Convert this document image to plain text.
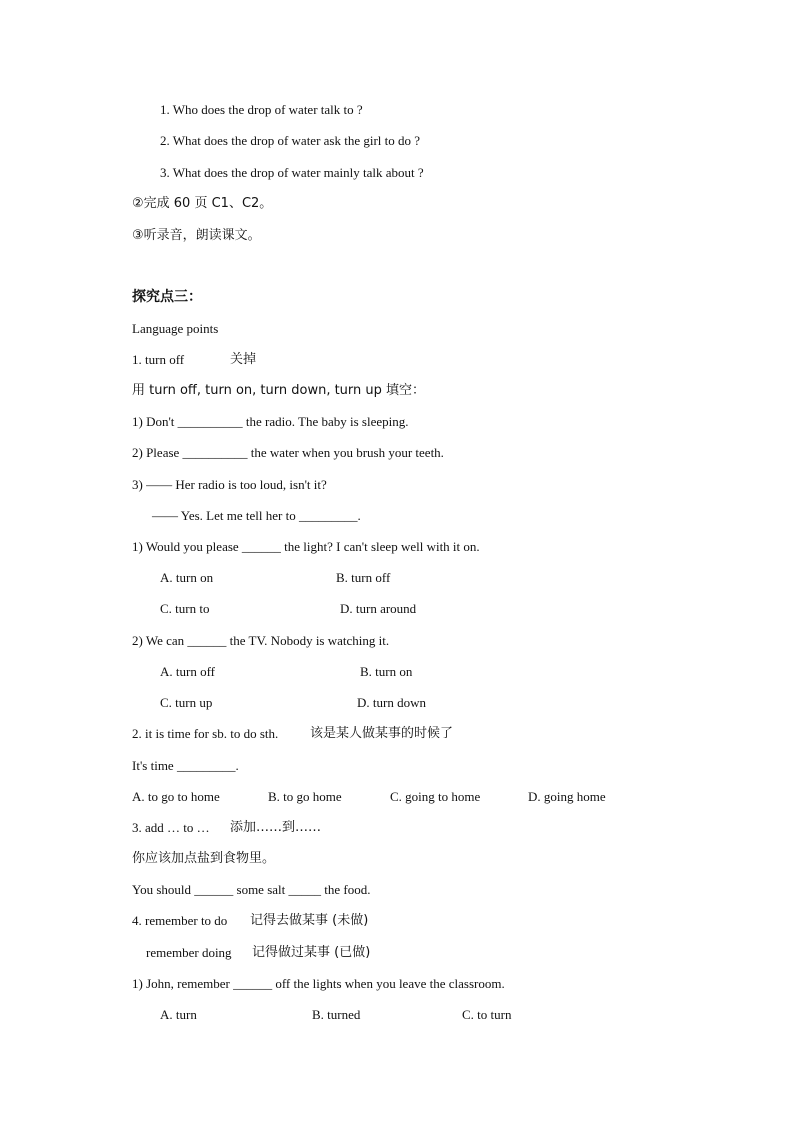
1. Who does the drop of water talk to ?
2. What does the drop of water ask the girl to do ?
3. What does the drop of water mainly talk about ?
②完成 60 页 C1、C2。
③听录音，朗读课文。
探究点三：
Language points
1. turn off	关掉
用 turn off, turn on, turn down, turn up 填空：
1) Don't __________ the radio. The baby is sleeping.
2) Please __________ the water when you brush your teeth.
3) —— Her radio is too loud, isn't it?
—— Yes. Let me tell her to _________.
1) Would you please ______ the light? I can't sleep well with it on.
A. turn on	B. turn off
C. turn to	D. turn around
2) We can ______ the TV. Nobody is watching it.
A. turn off	B. turn on
C. turn up	D. turn down
2. it is time for sb. to do sth. 该是某人做某事的时候了
It's time _________.
A. to go to home	B. to go home	C. going to home	D. going home
3. add … to … 添加……到……
你应该加点盐到食物里。
You should ______ some salt _____ the food.
4. remember to do 记得去做某事 (未做)
remember doing 记得做过某事 (已做)
1) John, remember ______ off the lights when you leave the classroom.
A. turn	B. turned	C. to turn
